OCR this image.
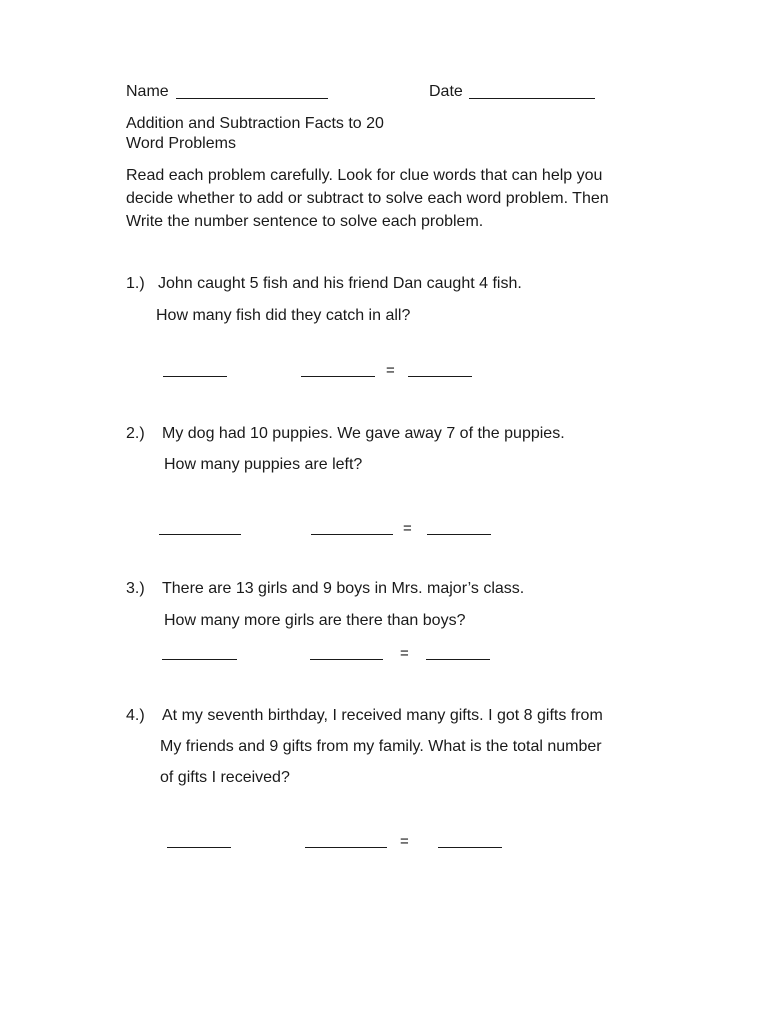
Name	Date
Addition and Subtraction Facts to 20
Word Problems
Read each problem carefully. Look for clue words that can help you
decide whether to add or subtract to solve each word problem. Then
Write the number sentence to solve each problem.
1.) John caught 5 fish and his friend Dan caught 4 fish.
How many fish did they catch in all?
=
2.) My dog had 10 puppies. We gave away 7 of the puppies.
How many puppies are left?
=
3.) There are 13 girls and 9 boys in Mrs. major’s class.
How many more girls are there than boys?
=
4.) At my seventh birthday, I received many gifts. I got 8 gifts from
My friends and 9 gifts from my family. What is the total number
of gifts I received?
=
